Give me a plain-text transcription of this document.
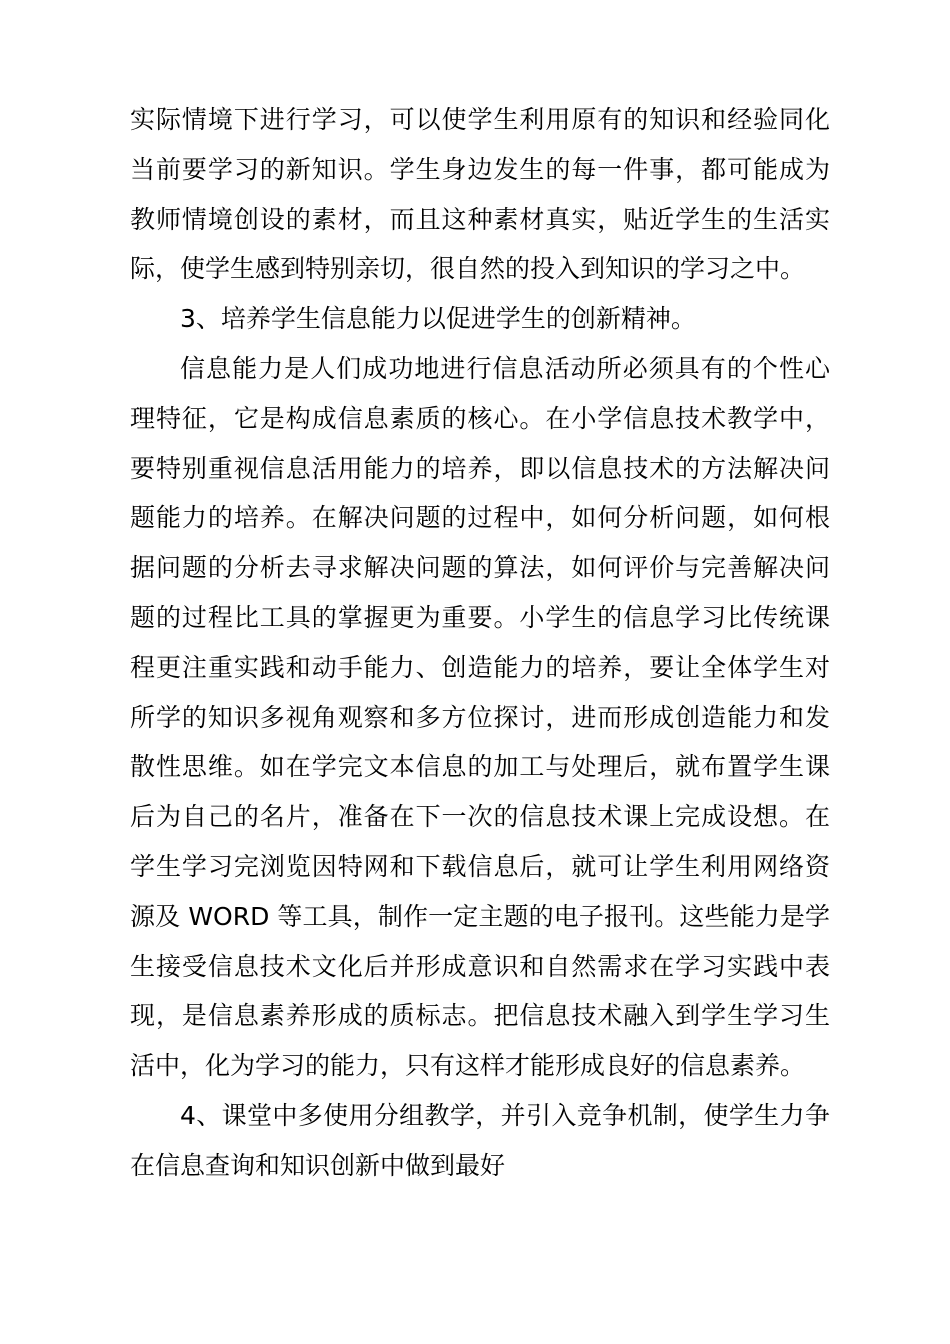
实际情境下进行学习，可以使学生利用原有的知识和经验同化
当前要学习的新知识。学生身边发生的每一件事，都可能成为
教师情境创设的素材，而且这种素材真实，贴近学生的生活实
际，使学生感到特别亲切，很自然的投入到知识的学习之中。
3、培养学生信息能力以促进学生的创新精神。
信息能力是人们成功地进行信息活动所必须具有的个性心
理特征，它是构成信息素质的核心。在小学信息技术教学中，
要特别重视信息活用能力的培养，即以信息技术的方法解决问
题能力的培养。在解决问题的过程中，如何分析问题，如何根
据问题的分析去寻求解决问题的算法，如何评价与完善解决问
题的过程比工具的掌握更为重要。小学生的信息学习比传统课
程更注重实践和动手能力、创造能力的培养，要让全体学生对
所学的知识多视角观察和多方位探讨，进而形成创造能力和发
散性思维。如在学完文本信息的加工与处理后，就布置学生课
后为自己的名片，准备在下一次的信息技术课上完成设想。在
学生学习完浏览因特网和下载信息后，就可让学生利用网络资
源及 WORD 等工具，制作一定主题的电子报刊。这些能力是学
生接受信息技术文化后并形成意识和自然需求在学习实践中表
现，是信息素养形成的质标志。把信息技术融入到学生学习生
活中，化为学习的能力，只有这样才能形成良好的信息素养。
4、课堂中多使用分组教学，并引入竞争机制，使学生力争
在信息查询和知识创新中做到最好
